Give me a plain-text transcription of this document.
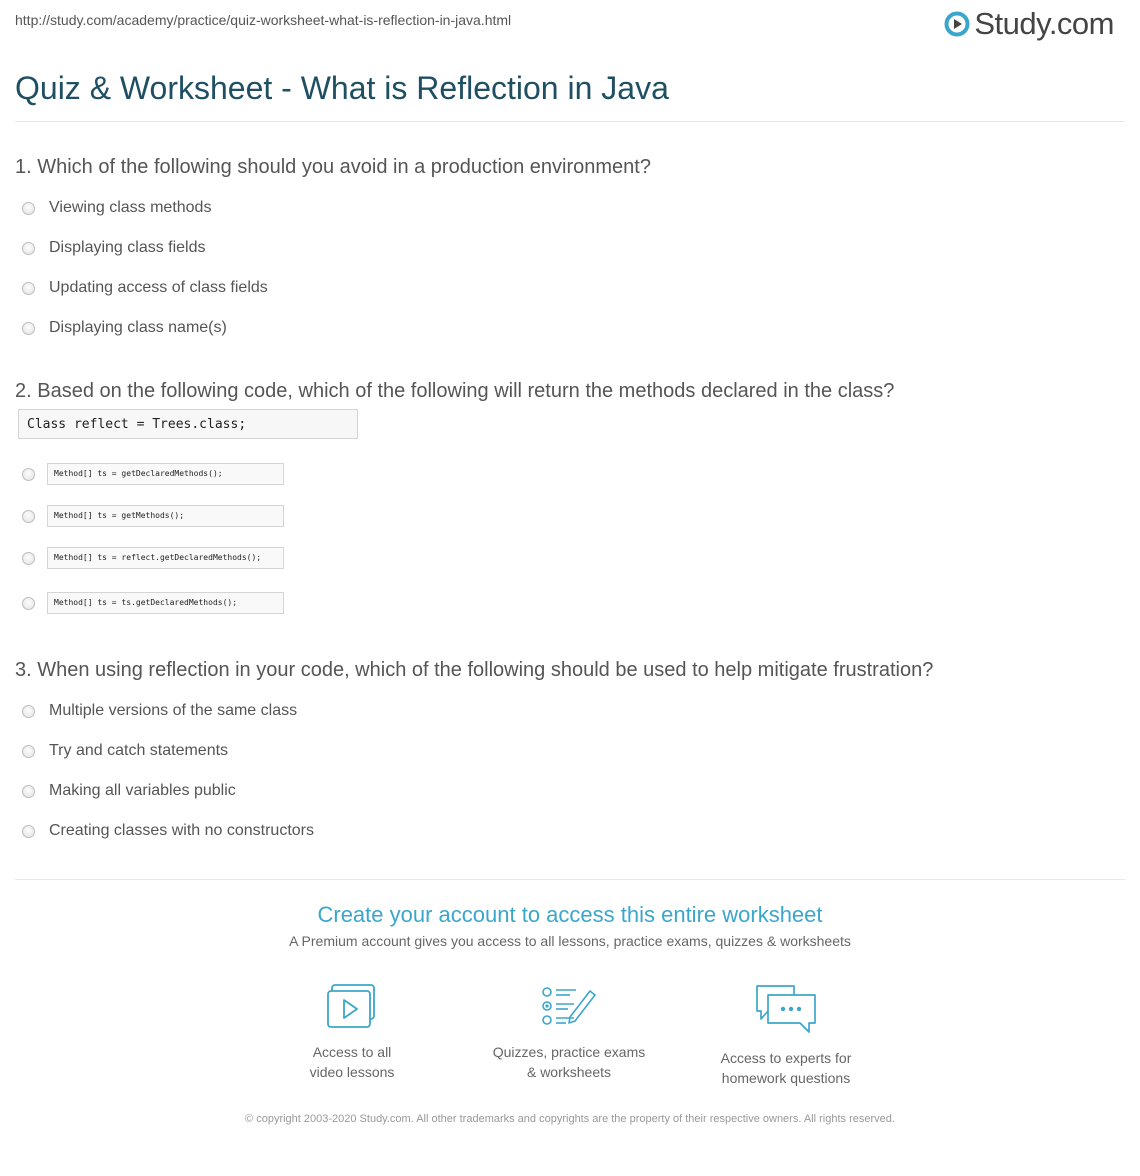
http://study.com/academy/practice/quiz-worksheet-what-is-reflection-in-java.html	Study.com
Quiz & Worksheet - What is Reflection in Java
1. Which of the following should you avoid in a production environment?
Viewing class methods
Displaying class fields
Updating access of class fields
Displaying class name(s)
2. Based on the following code, which of the following will return the methods declared in the class?
Class reflect = Trees.class;
Method[] ts = getDeclaredMethods();
Method[] ts = getMethods();
Method[] ts = reflect.getDeclaredMethods();
Method[] ts = ts.getDeclaredMethods();
3. When using reflection in your code, which of the following should be used to help mitigate frustration?
Multiple versions of the same class
Try and catch statements
Making all variables public
Creating classes with no constructors
Create your account to access this entire worksheet
A Premium account gives you access to all lessons, practice exams, quizzes & worksheets
Access to all
video lessons
Quizzes, practice exams
& worksheets
Access to experts for
homework questions
© copyright 2003-2020 Study.com. All other trademarks and copyrights are the property of their respective owners. All rights reserved.
